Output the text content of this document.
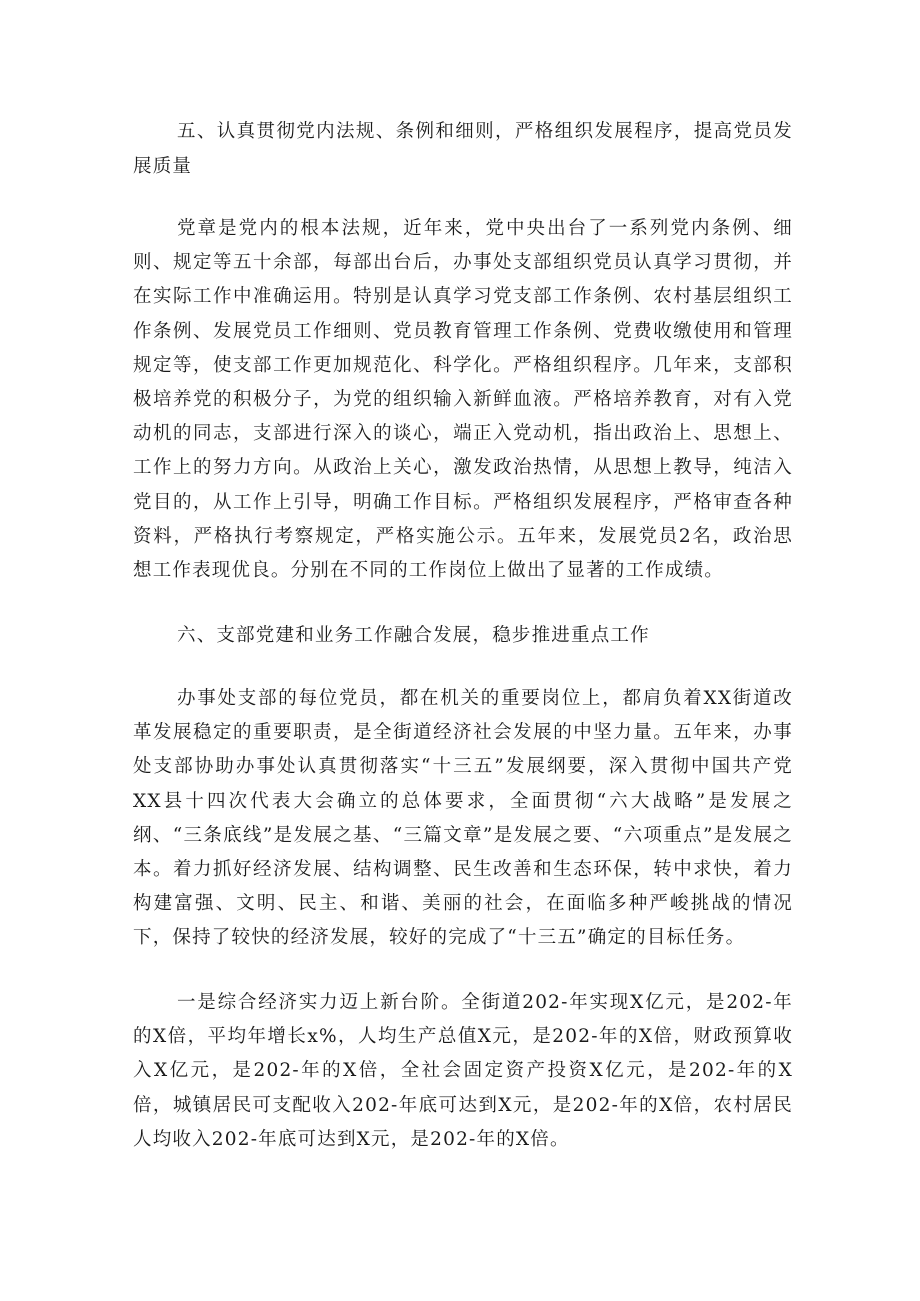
五、认真贯彻党内法规、条例和细则，严格组织发展程序，提高党员发展质量

党章是党内的根本法规，近年来，党中央出台了一系列党内条例、细则、规定等五十余部，每部出台后，办事处支部组织党员认真学习贯彻，并在实际工作中准确运用。特别是认真学习党支部工作条例、农村基层组织工作条例、发展党员工作细则、党员教育管理工作条例、党费收缴使用和管理规定等，使支部工作更加规范化、科学化。严格组织程序。几年来，支部积极培养党的积极分子，为党的组织输入新鲜血液。严格培养教育，对有入党动机的同志，支部进行深入的谈心，端正入党动机，指出政治上、思想上、工作上的努力方向。从政治上关心，激发政治热情，从思想上教导，纯洁入党目的，从工作上引导，明确工作目标。严格组织发展程序，严格审查各种资料，严格执行考察规定，严格实施公示。五年来，发展党员2名，政治思想工作表现优良。分别在不同的工作岗位上做出了显著的工作成绩。

六、支部党建和业务工作融合发展，稳步推进重点工作

办事处支部的每位党员，都在机关的重要岗位上，都肩负着XX街道改革发展稳定的重要职责，是全街道经济社会发展的中坚力量。五年来，办事处支部协助办事处认真贯彻落实“十三五”发展纲要，深入贯彻中国共产党XX县十四次代表大会确立的总体要求，全面贯彻“六大战略”是发展之纲、“三条底线”是发展之基、“三篇文章”是发展之要、“六项重点”是发展之本。着力抓好经济发展、结构调整、民生改善和生态环保，转中求快，着力构建富强、文明、民主、和谐、美丽的社会，在面临多种严峻挑战的情况下，保持了较快的经济发展，较好的完成了“十三五”确定的目标任务。

一是综合经济实力迈上新台阶。全街道202-年实现X亿元，是202-年的X倍，平均年增长x%，人均生产总值X元，是202-年的X倍，财政预算收入X亿元，是202-年的X倍，全社会固定资产投资X亿元，是202-年的X倍，城镇居民可支配收入202-年底可达到X元，是202-年的X倍，农村居民人均收入202-年底可达到X元，是202-年的X倍。
